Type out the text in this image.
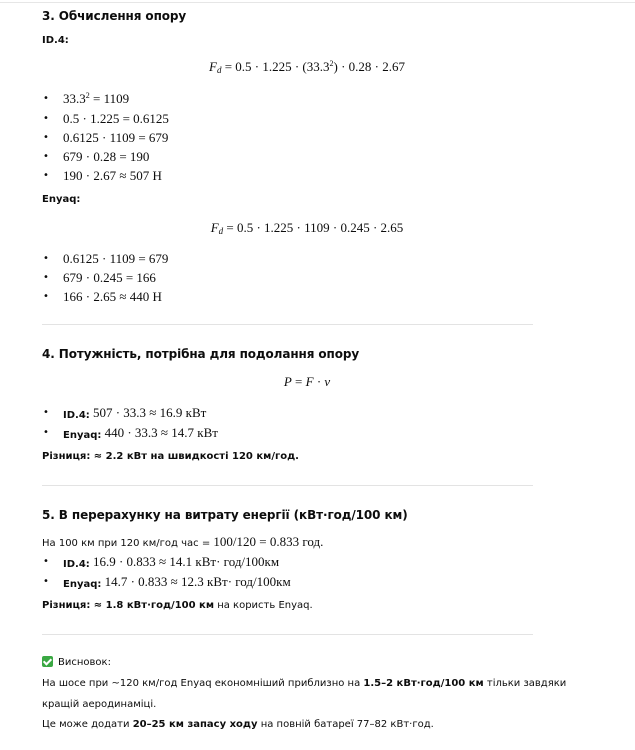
3. Обчислення опору
ID.4:
$F_d = 0.5 \cdot 1.225 \cdot (33.3^2) \cdot 0.28 \cdot 2.67$
• $33.3^2 = 1109$
• 0.5 · 1.225 = 0.6125
• 0.6125 · 1109 = 679
• 679 · 0.28 = 190
• 190 · 2.67 ≈ 507 Н
Enyaq:
$F_d = 0.5 \cdot 1.225 \cdot 1109 \cdot 0.245 \cdot 2.65$
• 0.6125 · 1109 = 679
• 679 · 0.245 = 166
• 166 · 2.65 ≈ 440 Н
4. Потужність, потрібна для подолання опору
P = F · v
• ID.4: 507 · 33.3 ≈ 16.9 кВт
• Enyaq: 440 · 33.3 ≈ 14.7 кВт
Різниця: ≈ 2.2 кВт на швидкості 120 км/год.
5. В перерахунку на витрату енергії (кВт·год/100 км)
На 100 км при 120 км/год час = 100/120 = 0.833 год.
• ID.4: 16.9 · 0.833 ≈ 14.1 кВт· год/100км
• Enyaq: 14.7 · 0.833 ≈ 12.3 кВт· год/100км
Різниця: ≈ 1.8 кВт·год/100 км на користь Enyaq.
Висновок:
На шосе при ~120 км/год Enyaq економніший приблизно на 1.5–2 кВт·год/100 км тільки завдяки
кращій аеродинаміці.
Це може додати 20–25 км запасу ходу на повній батареї 77–82 кВт·год.
